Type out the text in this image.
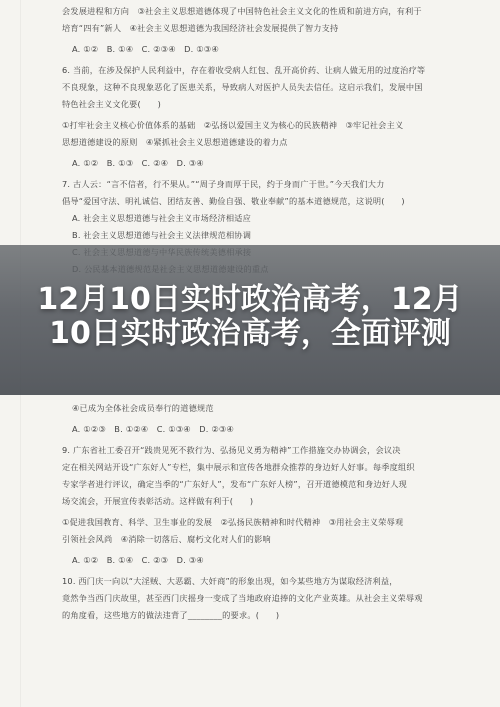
会发展进程和方向　③社会主义思想道德体现了中国特色社会主义文化的性质和前进方向，有利于
培育“四有”新人　④社会主义思想道德为我国经济社会发展提供了智力支持
A. ①②　B. ①④　C. ②③④　D. ①③④
6. 当前，在涉及保护人民利益中，存在着收受病人红包、乱开高价药、让病人做无用的过度治疗等
不良现象，这种不良现象恶化了医患关系，导致病人对医护人员失去信任。这启示我们，发展中国
特色社会主义文化要(　　)
①打牢社会主义核心价值体系的基础　②弘扬以爱国主义为核心的民族精神　③牢记社会主义
思想道德建设的原则　④紧抓社会主义思想道德建设的着力点
A. ①②　B. ①③　C. ②④　D. ③④
7. 古人云：“言不信者，行不果从。”“周子身而厚于民，约于身而广于世。”今天我们大力
倡导“爱国守法、明礼诚信、团结友善、勤俭自强、敬业奉献”的基本道德规范，这说明(　　)
A. 社会主义思想道德与社会主义市场经济相适应
B. 社会主义思想道德与社会主义法律规范相协调
④已成为全体社会成员奉行的道德规范
A. ①②③　B. ①②④　C. ①③④　D. ②③④
9. 广东省社工委召开“践贵见死不救行为、弘扬见义勇为精神”工作措施交办协调会，会议决
定在相关网站开设“广东好人”专栏，集中展示和宣传各地群众推荐的身边好人好事。每季度组织
专家学者进行评议，确定当季的“广东好人”，发布“广东好人榜”，召开道德模范和身边好人现
场交流会，开展宣传表彰活动。这样做有利于(　　)
①促进我国教育、科学、卫生事业的发展　②弘扬民族精神和时代精神　③用社会主义荣辱观
引领社会风尚　④消除一切落后、腐朽文化对人们的影响
A. ①②　B. ①④　C. ②③　D. ③④
10. 西门庆一向以“大淫贼、大恶霸、大奸商”的形象出现，如今某些地方为谋取经济利益，
竟然争当西门庆故里，甚至西门庆摇身一变成了当地政府追捧的文化产业英雄。从社会主义荣辱观
的角度看，这些地方的做法违背了________的要求。(　　)
12月10日实时政治高考，12月
10日实时政治高考，全面评测
